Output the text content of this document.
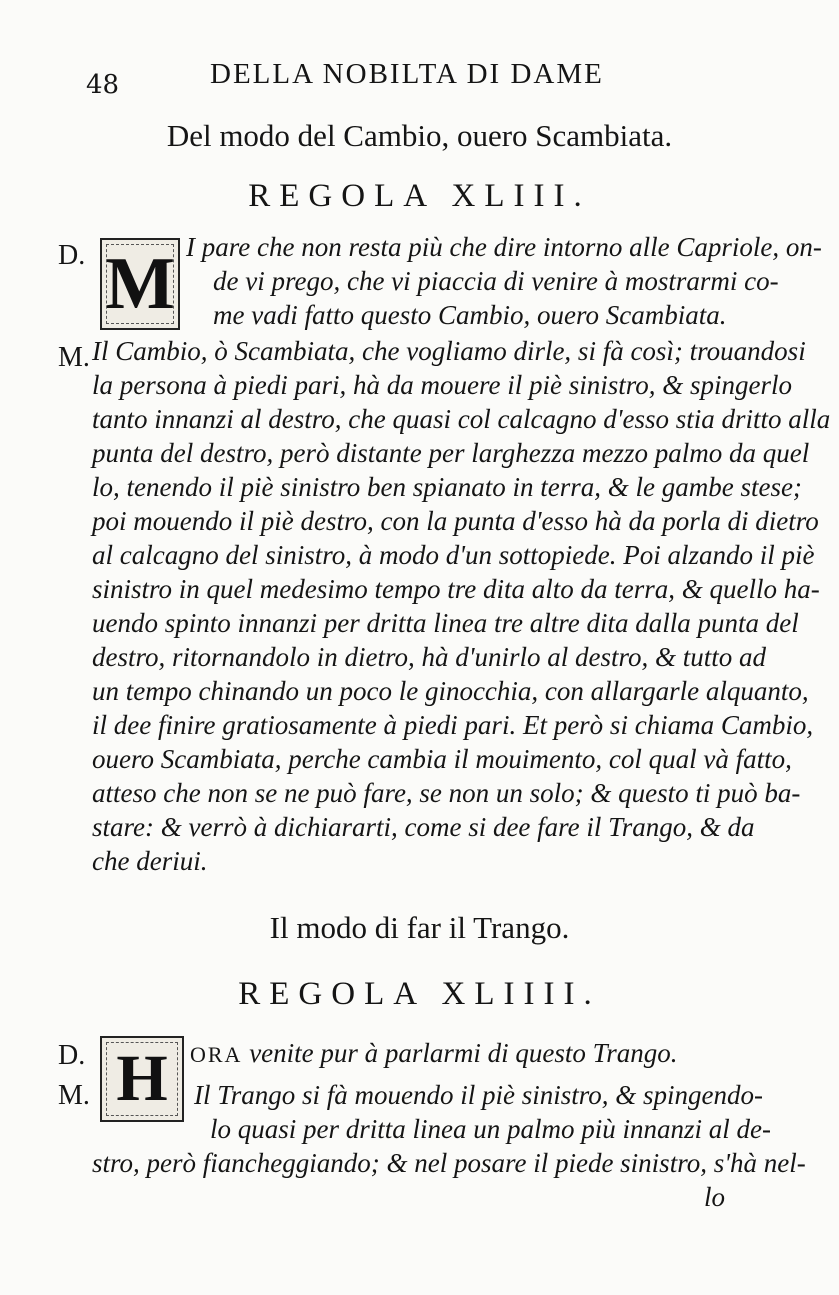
48	DELLA NOBILTA DI DAME
Del modo del Cambio, ouero Scambiata.
REGOLA XLIII.
D. M I pare che non resta più che dire intorno alle Capriole, on-
de vi prego, che vi piaccia di venire à mostrarmi co-
me vadi fatto questo Cambio, ouero Scambiata.
M. Il Cambio, ò Scambiata, che vogliamo dirle, si fà così; trouandosi
la persona à piedi pari, hà da mouere il piè sinistro, & spingerlo
tanto innanzi al destro, che quasi col calcagno d'esso stia dritto alla
punta del destro, però distante per larghezza mezzo palmo da quel
lo, tenendo il piè sinistro ben spianato in terra, & le gambe stese;
poi mouendo il piè destro, con la punta d'esso hà da porla di dietro
al calcagno del sinistro, à modo d'un sottopiede. Poi alzando il piè
sinistro in quel medesimo tempo tre dita alto da terra, & quello ha-
uendo spinto innanzi per dritta linea tre altre dita dalla punta del
destro, ritornandolo in dietro, hà d'unirlo al destro, & tutto ad
un tempo chinando un poco le ginocchia, con allargarle alquanto,
il dee finire gratiosamente à piedi pari. Et però si chiama Cambio,
ouero Scambiata, perche cambia il mouimento, col qual và fatto,
atteso che non se ne può fare, se non un solo; & questo ti può ba-
stare: & verrò à dichiararti, come si dee fare il Trango, & da
che deriui.
Il modo di far il Trango.
REGOLA XLIIII.
D.
M. H ORA venite pur à parlarmi di questo Trango.
Il Trango si fà mouendo il piè sinistro, & spingendo-
lo quasi per dritta linea un palmo più innanzi al de-
stro, però fiancheggiando; & nel posare il piede sinistro, s'hà nel-
lo
